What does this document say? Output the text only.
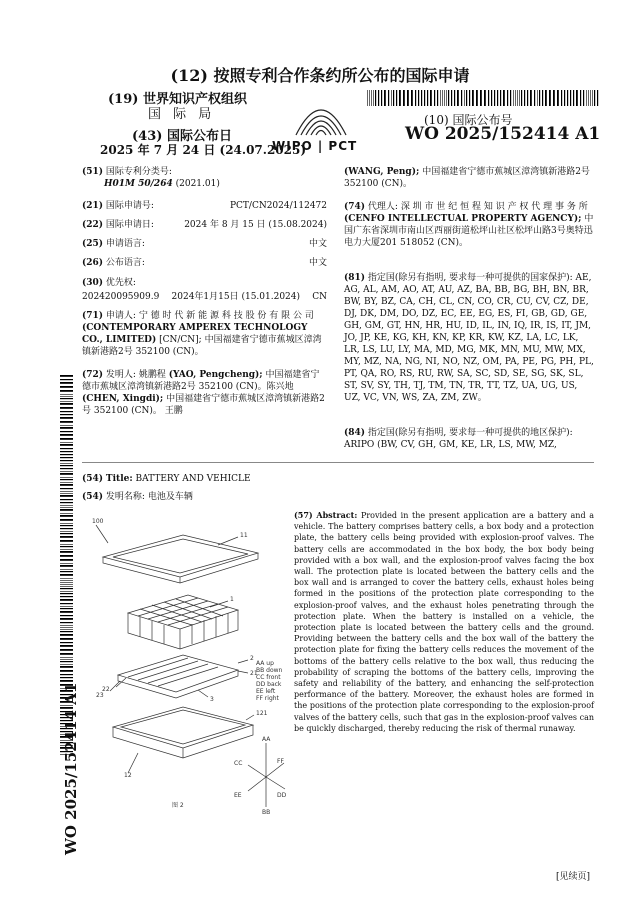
(12) 按照专利合作条约所公布的国际申请
(19) 世界知识产权组织
国 际 局
(43) 国际公布日
2025 年 7 月 24 日 (24.07.2025)
WIPO | PCT
(10) 国际公布号
WO 2025/152414 A1
(51) 国际专利分类号:
H01M 50/264 (2021.01)
(21) 国际申请号:	PCT/CN2024/112472
(22) 国际申请日:	2024 年 8 月 15 日 (15.08.2024)
(25) 申请语言:	中文
(26) 公布语言:	中文
(30) 优先权:
202420095909.9 2024年1月15日 (15.01.2024) CN
(71) 申请人: 宁 德 时 代 新 能 源 科 技 股 份 有 限 公 司 (CONTEMPORARY AMPEREX TECHNOLOGY CO., LIMITED) [CN/CN]; 中国福建省宁德市蕉城区漳湾镇新港路2号 352100 (CN)。
(72) 发明人: 姚鹏程 (YAO, Pengcheng); 中国福建省宁德市蕉城区漳湾镇新港路2号 352100 (CN)。陈兴地 (CHEN, Xingdi); 中国福建省宁德市蕉城区漳湾镇新港路2号 352100 (CN)。 王鹏
(WANG, Peng); 中国福建省宁德市蕉城区漳湾镇新港路2号 352100 (CN)。
(74) 代理人: 深 圳 市 世 纪 恒 程 知 识 产 权 代 理 事 务 所 (CENFO INTELLECTUAL PROPERTY AGENCY); 中国广东省深圳市南山区西丽街道松坪山社区松坪山路3号奥特迅电力大厦201 518052 (CN)。
(81) 指定国(除另有指明, 要求每一种可提供的国家保护): AE, AG, AL, AM, AO, AT, AU, AZ, BA, BB, BG, BH, BN, BR, BW, BY, BZ, CA, CH, CL, CN, CO, CR, CU, CV, CZ, DE, DJ, DK, DM, DO, DZ, EC, EE, EG, ES, FI, GB, GD, GE, GH, GM, GT, HN, HR, HU, ID, IL, IN, IQ, IR, IS, IT, JM, JO, JP, KE, KG, KH, KN, KP, KR, KW, KZ, LA, LC, LK, LR, LS, LU, LY, MA, MD, MG, MK, MN, MU, MW, MX, MY, MZ, NA, NG, NI, NO, NZ, OM, PA, PE, PG, PH, PL, PT, QA, RO, RS, RU, RW, SA, SC, SD, SE, SG, SK, SL, ST, SV, SY, TH, TJ, TM, TN, TR, TT, TZ, UA, UG, US, UZ, VC, VN, WS, ZA, ZM, ZW。
(84) 指定国(除另有指明, 要求每一种可提供的地区保护): ARIPO (BW, CV, GH, GM, KE, LR, LS, MW, MZ,
(54) Title: BATTERY AND VEHICLE
(54) 发明名称: 电池及车辆
(57) Abstract: Provided in the present application are a battery and a vehicle. The battery comprises battery cells, a box body and a protection plate, the battery cells being provided with explosion-proof valves. The battery cells are accommodated in the box body, the box body being provided with a box wall, and the explosion-proof valves facing the box wall. The protection plate is located between the battery cells and the box wall and is arranged to cover the battery cells, exhaust holes being formed in the positions of the protection plate corresponding to the explosion-proof valves, and the exhaust holes penetrating through the protection plate. When the battery is installed on a vehicle, the protection plate is located between the battery cells and the ground. Providing between the battery cells and the box wall of the battery the protection plate for fixing the battery cells reduces the movement of the bottoms of the battery cells relative to the box wall, thus reducing the probability of scraping the bottoms of the battery cells, improving the safety and reliability of the battery, and enhancing the self-protection performance of the battery. Moreover, the exhaust holes are formed in the positions of the protection plate corresponding to the explosion-proof valves of the battery cells, such that gas in the explosion-proof valves can be quickly discharged, thereby reducing the risk of thermal runaway.
100
11
1
2
21
22
23
3
121
12
AA up
BB down
CC front
DD back
EE left
FF right
AA
BB
CC
DD
EE
FF
图 2
WO 2025/152414 A1
[见续页]
